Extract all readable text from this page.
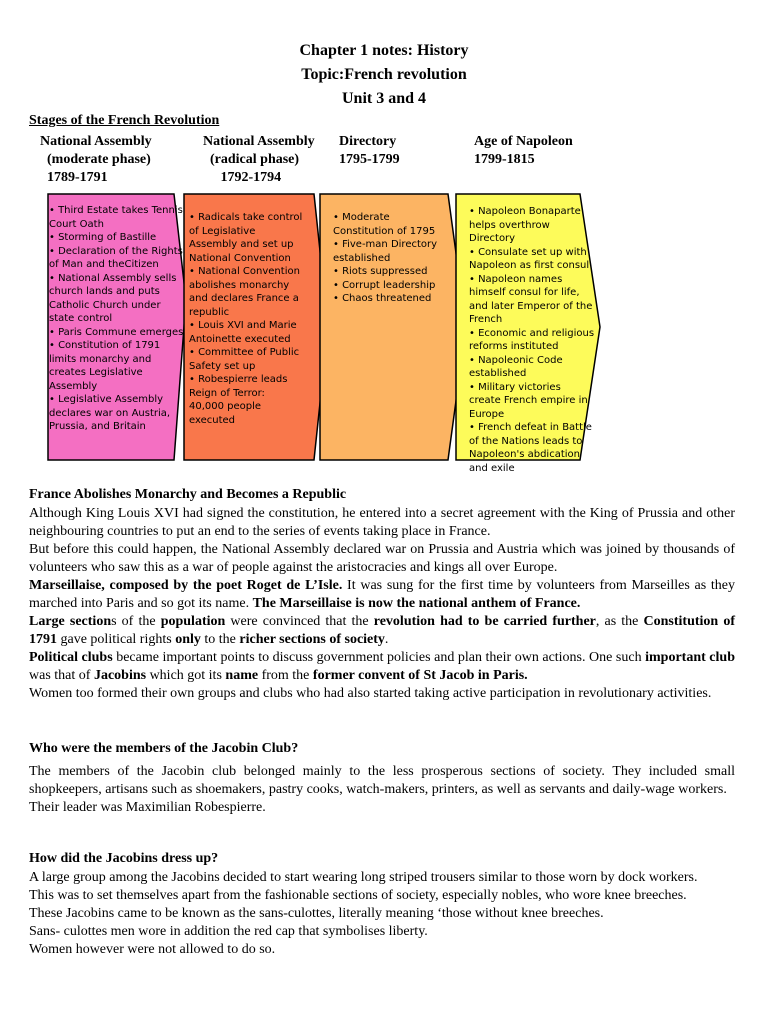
Chapter 1 notes: History
Topic:French revolution
Unit 3 and 4
Stages of the French Revolution
National Assembly
(moderate phase)
1789-1791
National Assembly
(radical phase)
1792-1794
Directory
1795-1799
Age of Napoleon
1799-1815
• Third Estate takes Tennis
Court Oath
• Storming of Bastille
• Declaration of the Rights
of Man and theCitizen
• National Assembly sells
church lands and puts
Catholic Church under
state control
• Paris Commune emerges
• Constitution of 1791
limits monarchy and
creates Legislative
Assembly
• Legislative Assembly
declares war on Austria,
Prussia, and Britain
• Radicals take control
of Legislative
Assembly and set up
National Convention
• National Convention
abolishes monarchy
and declares France a
republic
• Louis XVI and Marie
Antoinette executed
• Committee of Public
Safety set up
• Robespierre leads
Reign of Terror:
40,000 people
executed
• Moderate
Constitution of 1795
• Five-man Directory
established
• Riots suppressed
• Corrupt leadership
• Chaos threatened
• Napoleon Bonaparte
helps overthrow
Directory
• Consulate set up with
Napoleon as first consul
• Napoleon names
himself consul for life,
and later Emperor of the
French
• Economic and religious
reforms instituted
• Napoleonic Code
established
• Military victories
create French empire in
Europe
• French defeat in Battle
of the Nations leads to
Napoleon's abdication
and exile
France Abolishes Monarchy and Becomes a Republic

Although King Louis XVI had signed the constitution, he entered into a secret agreement with the King of Prussia and other neighbouring countries to put an end to the series of events taking place in France.

But before this could happen, the National Assembly declared war on Prussia and Austria which was joined by thousands of volunteers who saw this as a war of people against the aristocracies and kings all over Europe.

Marseillaise, composed by the poet Roget de L’Isle. It was sung for the first time by volunteers from Marseilles as they marched into Paris and so got its name. The Marseillaise is now the national anthem of France.

Large sections of the population were convinced that the revolution had to be carried further, as the Constitution of 1791 gave political rights only to the richer sections of society.

Political clubs became important points to discuss government policies and plan their own actions. One such important club was that of Jacobins which got its name from the former convent of St Jacob in Paris.

Women too formed their own groups and clubs who had also started taking active participation in revolutionary activities.

Who were the members of the Jacobin Club?

The members of the Jacobin club belonged mainly to the less prosperous sections of society. They included small shopkeepers, artisans such as shoemakers, pastry cooks, watch-makers, printers, as well as servants and daily-wage workers.

Their leader was Maximilian Robespierre.

How did the Jacobins dress up?

A large group among the Jacobins decided to start wearing long striped trousers similar to those worn by dock workers.

This was to set themselves apart from the fashionable sections of society, especially nobles, who wore knee breeches.

These Jacobins came to be known as the sans-culottes, literally meaning ‘those without knee breeches.

Sans- culottes men wore in addition the red cap that symbolises liberty.

Women however were not allowed to do so.
